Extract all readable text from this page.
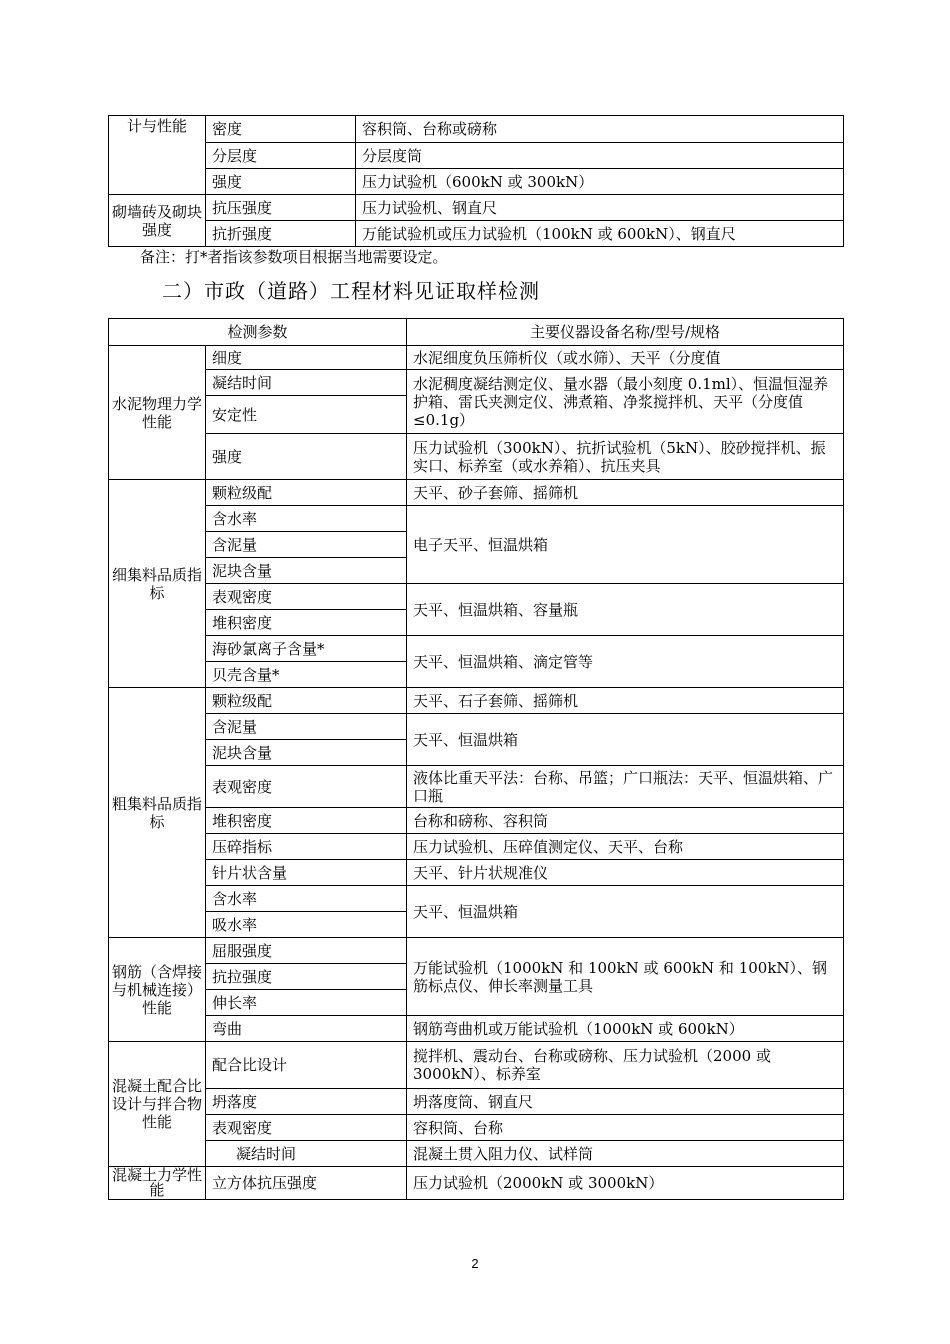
计与性能	密度	容积筒、台称或磅称
	分层度	分层度筒
	强度	压力试验机（600kN 或 300kN）
砌墙砖及砌块强度	抗压强度	压力试验机、钢直尺
	抗折强度	万能试验机或压力试验机（100kN 或 600kN）、钢直尺
备注：打*者指该参数项目根据当地需要设定。
二）市政（道路）工程材料见证取样检测
检测参数		主要仪器设备名称/型号/规格
水泥物理力学性能	细度	水泥细度负压筛析仪（或水筛）、天平（分度值
	凝结时间	水泥稠度凝结测定仪、量水器（最小刻度 0.1ml）、恒温恒湿养护箱、雷氏夹测定仪、沸煮箱、净浆搅拌机、天平（分度值≤0.1g）
	安定性	
	强度	压力试验机（300kN）、抗折试验机（5kN）、胶砂搅拌机、振实口、标养室（或水养箱）、抗压夹具
细集料品质指标	颗粒级配	天平、砂子套筛、摇筛机
	含水率	电子天平、恒温烘箱
	含泥量	
	泥块含量	
	表观密度	天平、恒温烘箱、容量瓶
	堆积密度	
	海砂氯离子含量*	天平、恒温烘箱、滴定管等
	贝壳含量*	
粗集料品质指标	颗粒级配	天平、石子套筛、摇筛机
	含泥量	天平、恒温烘箱
	泥块含量	
	表观密度	液体比重天平法：台称、吊篮；广口瓶法：天平、恒温烘箱、广口瓶
	堆积密度	台称和磅称、容积筒
	压碎指标	压力试验机、压碎值测定仪、天平、台称
	针片状含量	天平、针片状规准仪
	含水率	天平、恒温烘箱
	吸水率	
钢筋（含焊接与机械连接）性能	屈服强度	万能试验机（1000kN 和 100kN 或 600kN 和 100kN）、钢筋标点仪、伸长率测量工具
	抗拉强度	
	伸长率	
	弯曲	钢筋弯曲机或万能试验机（1000kN 或 600kN）
混凝土配合比设计与拌合物性能	配合比设计	搅拌机、震动台、台称或磅称、压力试验机（2000 或 3000kN）、标养室
	坍落度	坍落度筒、钢直尺
	表观密度	容积筒、台称
	凝结时间	混凝土贯入阻力仪、试样筒
混凝土力学性能	立方体抗压强度	压力试验机（2000kN 或 3000kN）
2
